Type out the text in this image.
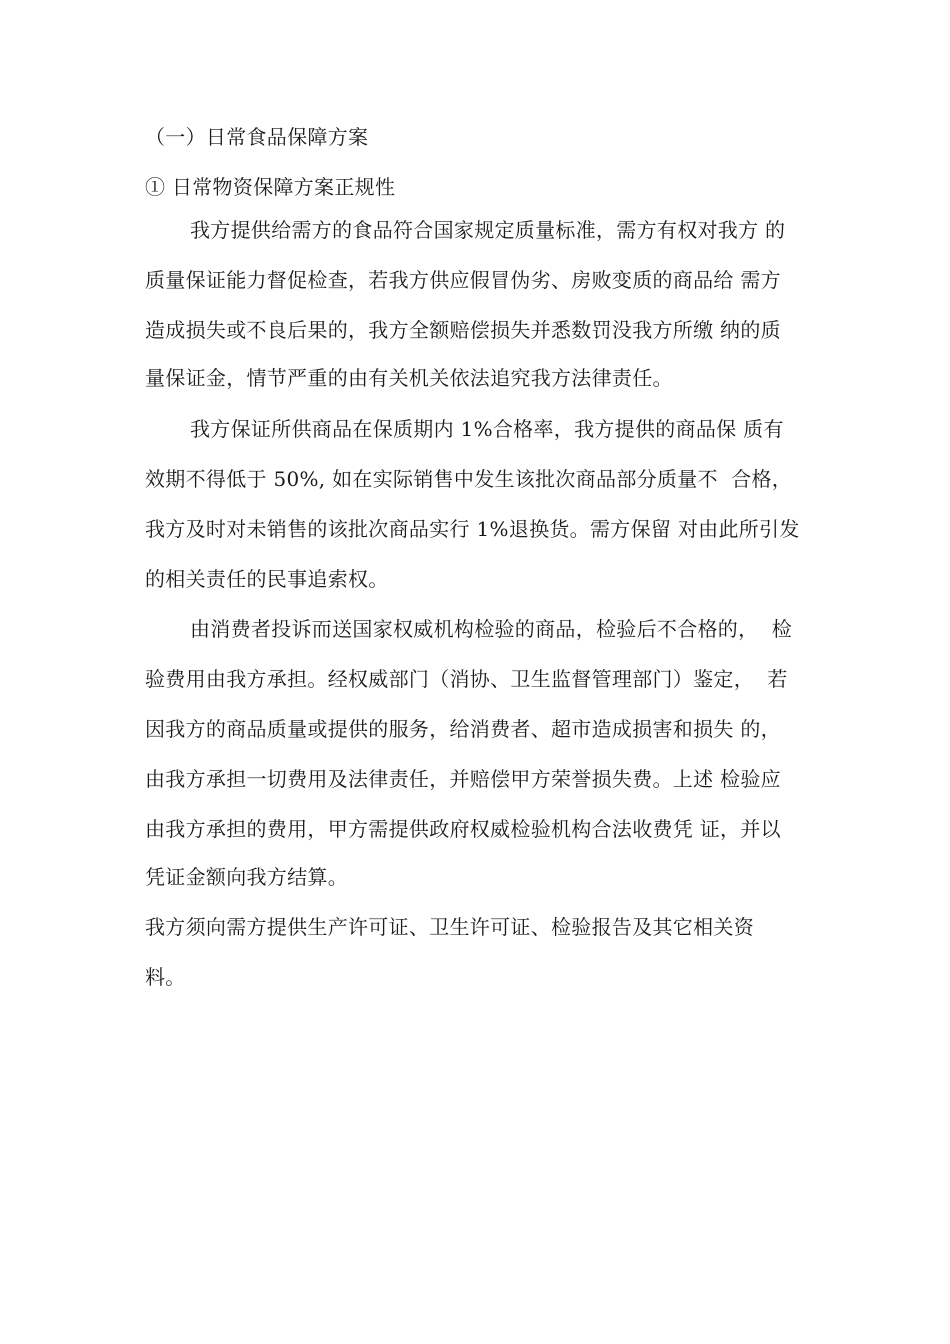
（一）日常食品保障方案
① 日常物资保障方案正规性
我方提供给需方的食品符合国家规定质量标准，需方有权对我方 的
质量保证能力督促检查，若我方供应假冒伪劣、房败变质的商品给 需方
造成损失或不良后果的，我方全额赔偿损失并悉数罚没我方所缴 纳的质
量保证金，情节严重的由有关机关依法追究我方法律责任。
我方保证所供商品在保质期内 1%合格率，我方提供的商品保 质有
效期不得低于 50%, 如在实际销售中发生该批次商品部分质量不  合格，
我方及时对未销售的该批次商品实行 1%退换货。需方保留 对由此所引发
的相关责任的民事追索权。
由消费者投诉而送国家权威机构检验的商品，检验后不合格的，  检
验费用由我方承担。经权威部门（消协、卫生监督管理部门）鉴定，  若
因我方的商品质量或提供的服务，给消费者、超市造成损害和损失 的，
由我方承担一切费用及法律责任，并赔偿甲方荣誉损失费。上述 检验应
由我方承担的费用，甲方需提供政府权威检验机构合法收费凭 证，并以
凭证金额向我方结算。
我方须向需方提供生产许可证、卫生许可证、检验报告及其它相关资
料。
